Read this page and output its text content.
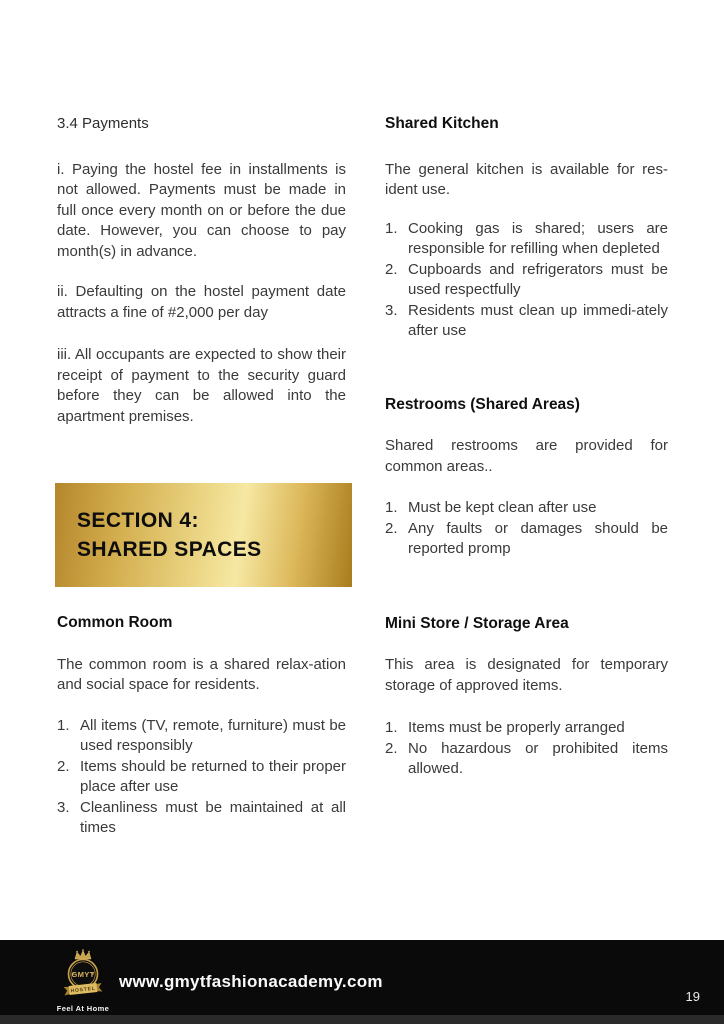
3.4 Payments

i. Paying the hostel fee in installments is not allowed. Payments must be made in full once every month on or before the due date. However, you can choose to pay month(s) in advance.

ii. Defaulting on the hostel payment date attracts a fine of #2,000 per day

iii. All occupants are expected to show their receipt of payment to the security guard before they can be allowed into the apartment premises.

SECTION 4:
SHARED SPACES
Common Room

The common room is a shared relax-ation and social space for residents.

1. All items (TV, remote, furniture) must be used responsibly
2. Items should be returned to their proper place after use
3. Cleanliness must be maintained at all times
Shared Kitchen

The general kitchen is available for res-ident use.

1. Cooking gas is shared; users are responsible for refilling when depleted
2. Cupboards and refrigerators must be used respectfully
3. Residents must clean up immedi-ately after use
Restrooms (Shared Areas)

Shared restrooms are provided for common areas..

1. Must be kept clean after use
2. Any faults or damages should be reported promp
Mini Store / Storage Area

This area is designated for temporary storage of approved items.

1. Items must be properly arranged
2. No hazardous or prohibited items allowed.
GMYT
HOSTEL
Feel At Home
www.gmytfashionacademy.com
19
